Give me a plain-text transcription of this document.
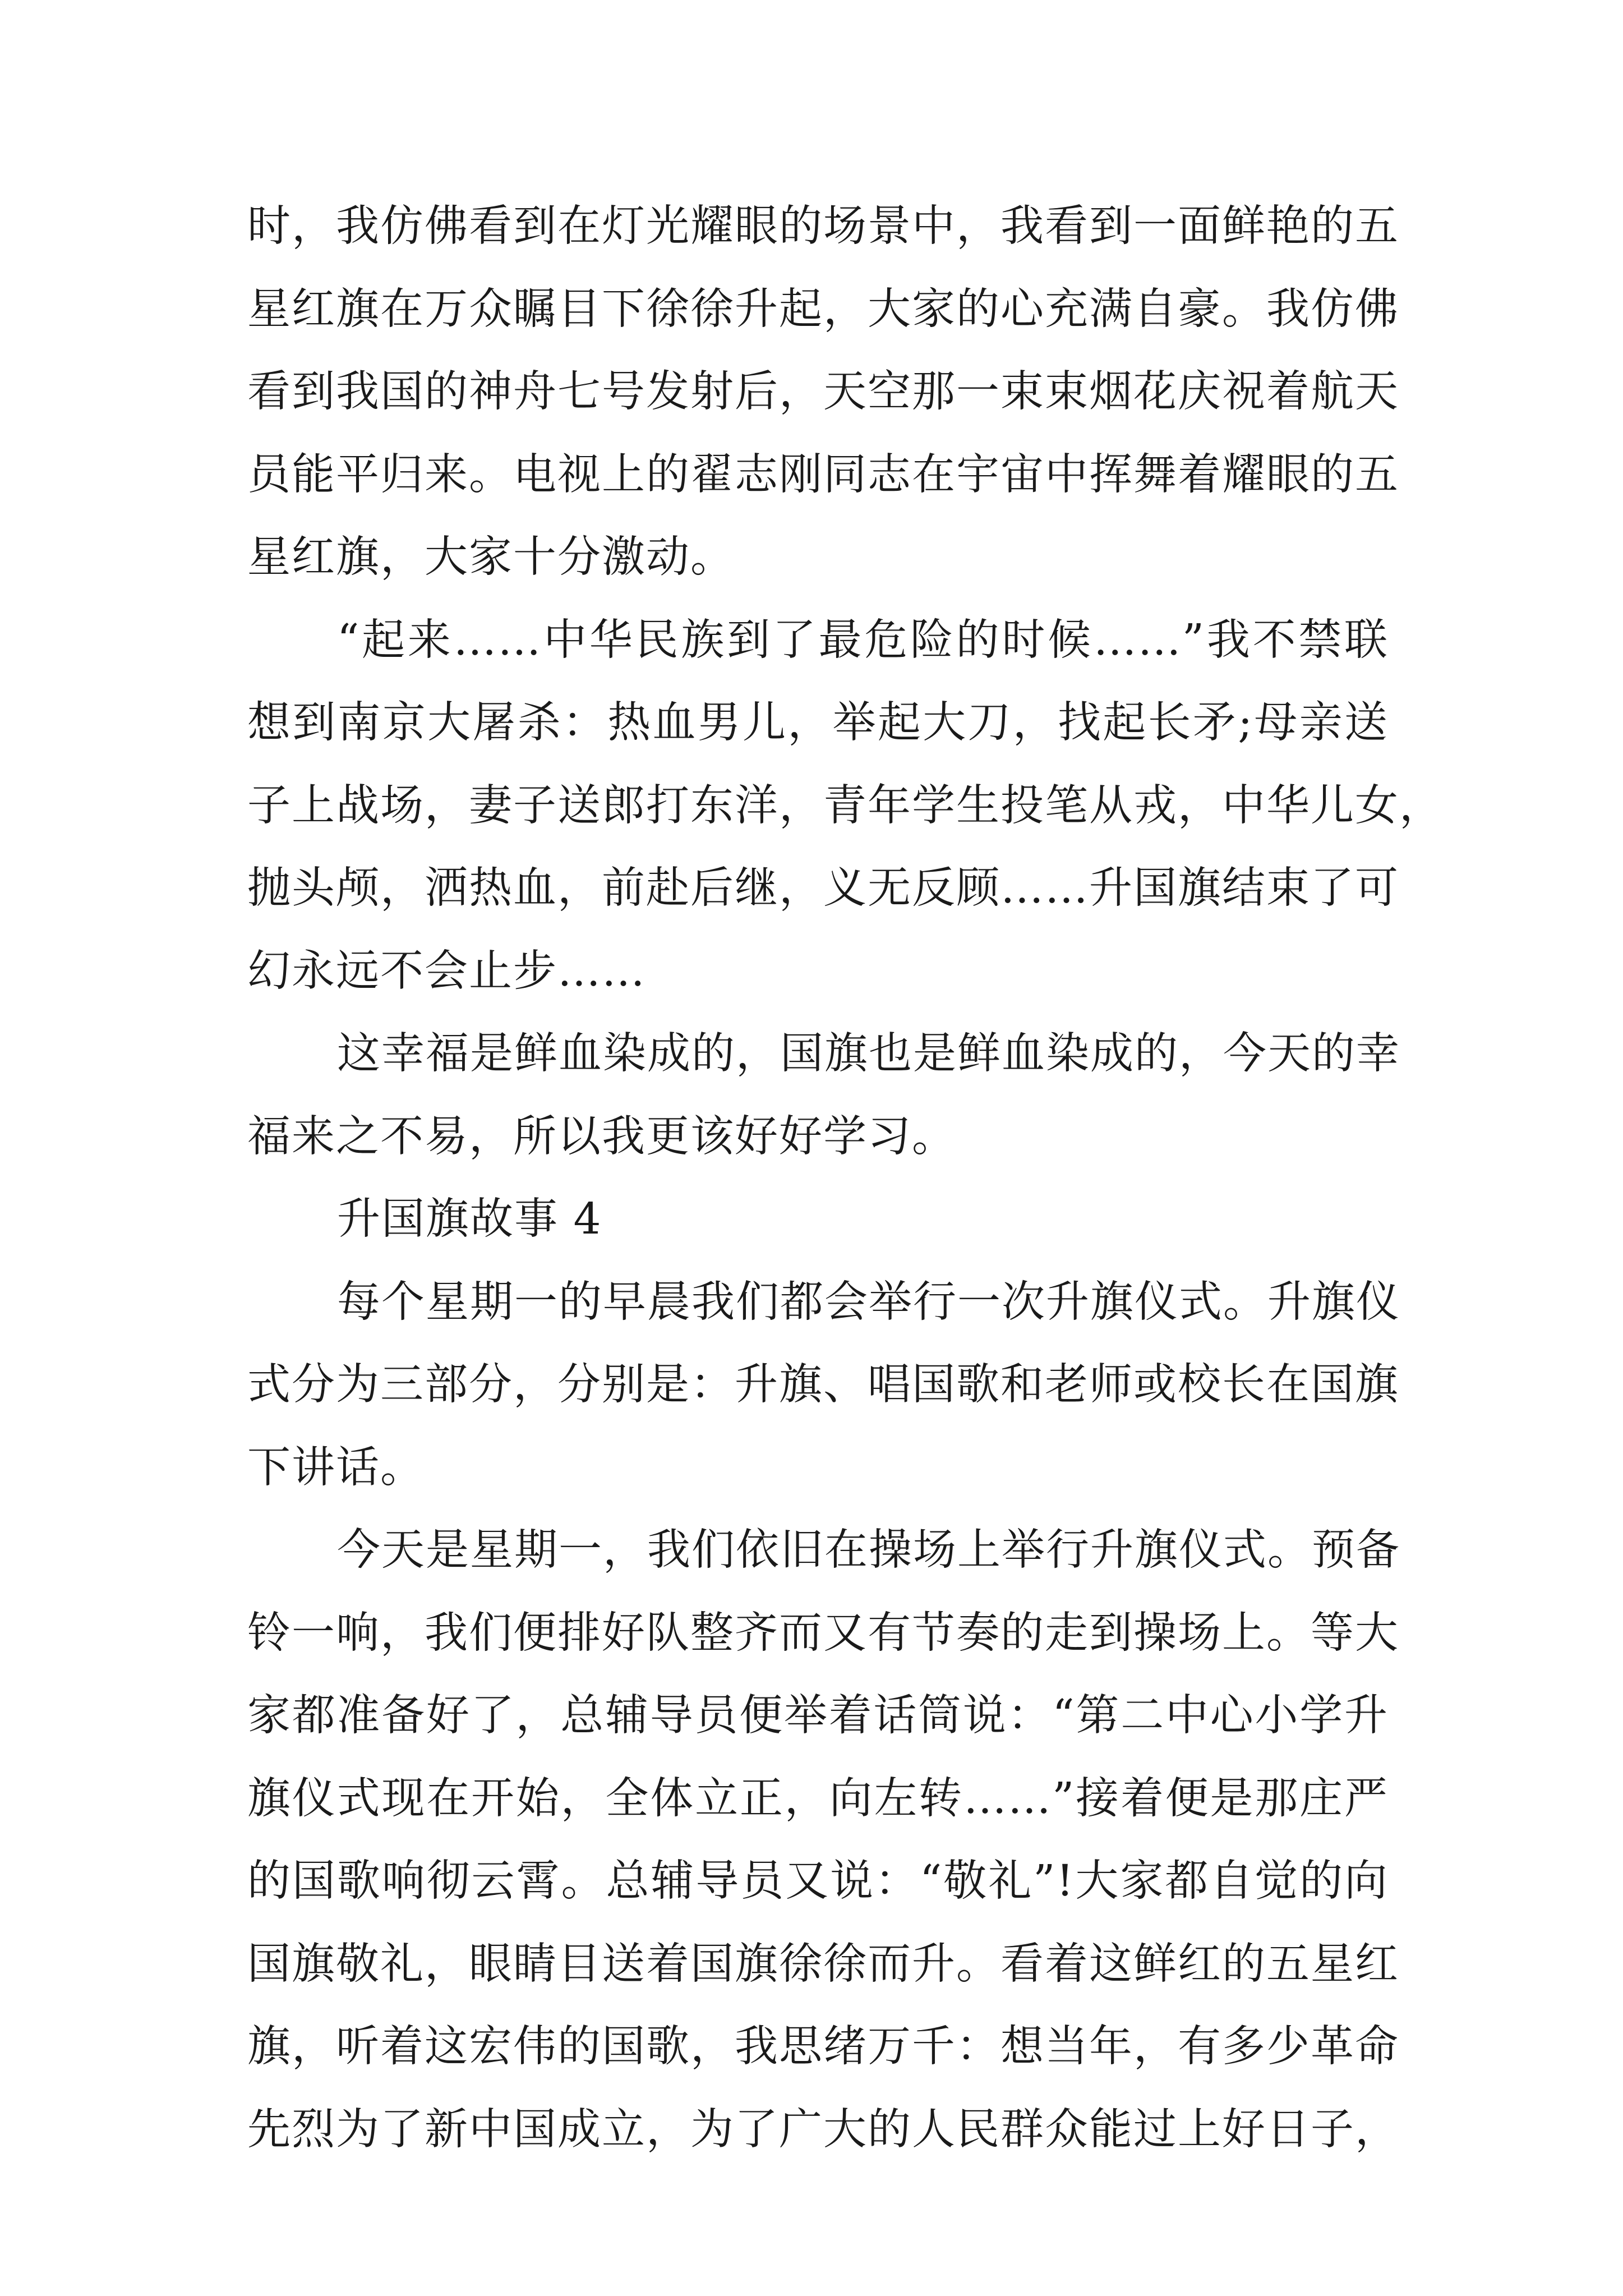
时，我仿佛看到在灯光耀眼的场景中，我看到一面鲜艳的五
星红旗在万众瞩目下徐徐升起，大家的心充满自豪。我仿佛
看到我国的神舟七号发射后，天空那一束束烟花庆祝着航天
员能平归来。电视上的翟志刚同志在宇宙中挥舞着耀眼的五
星红旗，大家十分激动。
“起来……中华民族到了最危险的时候……”我不禁联
想到南京大屠杀：热血男儿，举起大刀，找起长矛;母亲送
子上战场，妻子送郎打东洋，青年学生投笔从戎，中华儿女，
抛头颅，洒热血，前赴后继，义无反顾……升国旗结束了可
幻永远不会止步……
这幸福是鲜血染成的，国旗也是鲜血染成的，今天的幸
福来之不易，所以我更该好好学习。
升国旗故事 4
每个星期一的早晨我们都会举行一次升旗仪式。升旗仪
式分为三部分，分别是：升旗、唱国歌和老师或校长在国旗
下讲话。
今天是星期一，我们依旧在操场上举行升旗仪式。预备
铃一响，我们便排好队整齐而又有节奏的走到操场上。等大
家都准备好了，总辅导员便举着话筒说：“第二中心小学升
旗仪式现在开始，全体立正，向左转……”接着便是那庄严
的国歌响彻云霄。总辅导员又说：“敬礼”!大家都自觉的向
国旗敬礼，眼睛目送着国旗徐徐而升。看着这鲜红的五星红
旗，听着这宏伟的国歌，我思绪万千：想当年，有多少革命
先烈为了新中国成立，为了广大的人民群众能过上好日子，
